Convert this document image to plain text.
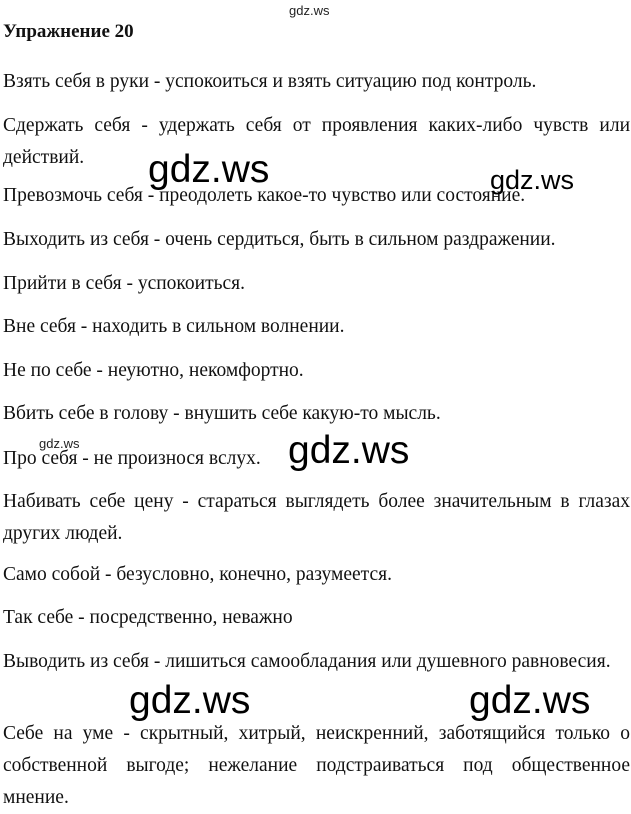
gdz.ws
Упражнение 20
Взять себя в руки - успокоиться и взять ситуацию под контроль.
Сдержать себя - удержать себя от проявления каких-либо чувств или действий.
Превозмочь себя - преодолеть какое-то чувство или состояние.
Выходить из себя - очень сердиться, быть в сильном раздражении.
Прийти в себя - успокоиться.
Вне себя - находить в сильном волнении.
Не по себе - неуютно, некомфортно.
Вбить себе в голову - внушить себе какую-то мысль.
Про себя - не произнося вслух.
Набивать себе цену - стараться выглядеть более значительным в глазах других людей.
Само собой - безусловно, конечно, разумеется.
Так себе - посредственно, неважно
Выводить из себя - лишиться самообладания или душевного равновесия.
Себе на уме - скрытный, хитрый, неискренний, заботящийся только о собственной выгоде; нежелание подстраиваться под общественное мнение.
gdz.ws	gdz.ws
gdz.ws	gdz.ws
gdz.ws	gdz.ws
